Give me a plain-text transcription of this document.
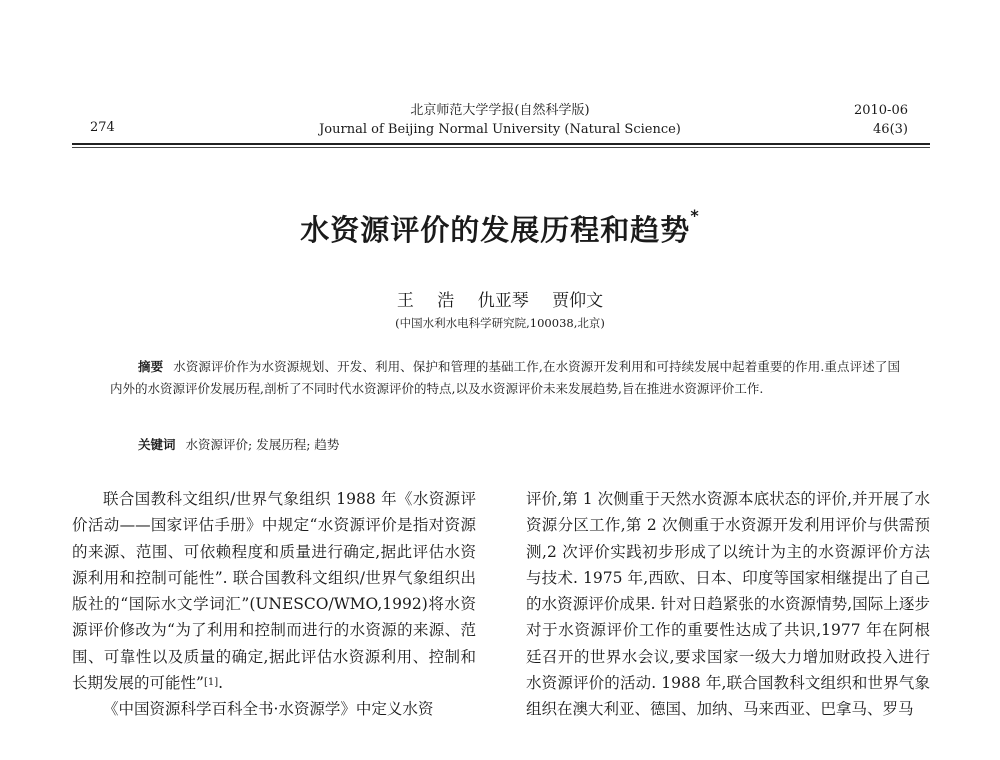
274
北京师范大学学报(自然科学版)
Journal of Beijing Normal University (Natural Science)
2010-06
46(3)
水资源评价的发展历程和趋势*
王 浩 仇亚琴 贾仰文
(中国水利水电科学研究院,100038,北京)
摘要 水资源评价作为水资源规划、开发、利用、保护和管理的基础工作,在水资源开发利用和可持续发展中起着重要的作用.重点评述了国内外的水资源评价发展历程,剖析了不同时代水资源评价的特点,以及水资源评价未来发展趋势,旨在推进水资源评价工作.
关键词 水资源评价; 发展历程; 趋势

联合国教科文组织/世界气象组织 1988 年《水资源评价活动——国家评估手册》中规定“水资源评价是指对资源的来源、范围、可依赖程度和质量进行确定,据此评估水资源利用和控制可能性”. 联合国教科文组织/世界气象组织出版社的“国际水文学词汇”(UNESCO/WMO,1992)将水资源评价修改为“为了利用和控制而进行的水资源的来源、范围、可靠性以及质量的确定,据此评估水资源利用、控制和长期发展的可能性”[1].

《中国资源科学百科全书·水资源学》中定义水资

评价,第 1 次侧重于天然水资源本底状态的评价,并开展了水资源分区工作,第 2 次侧重于水资源开发利用评价与供需预测,2 次评价实践初步形成了以统计为主的水资源评价方法与技术. 1975 年,西欧、日本、印度等国家相继提出了自己的水资源评价成果. 针对日趋紧张的水资源情势,国际上逐步对于水资源评价工作的重要性达成了共识,1977 年在阿根廷召开的世界水会议,要求国家一级大力增加财政投入进行水资源评价的活动. 1988 年,联合国教科文组织和世界气象组织在澳大利亚、德国、加纳、马来西亚、巴拿马、罗马
